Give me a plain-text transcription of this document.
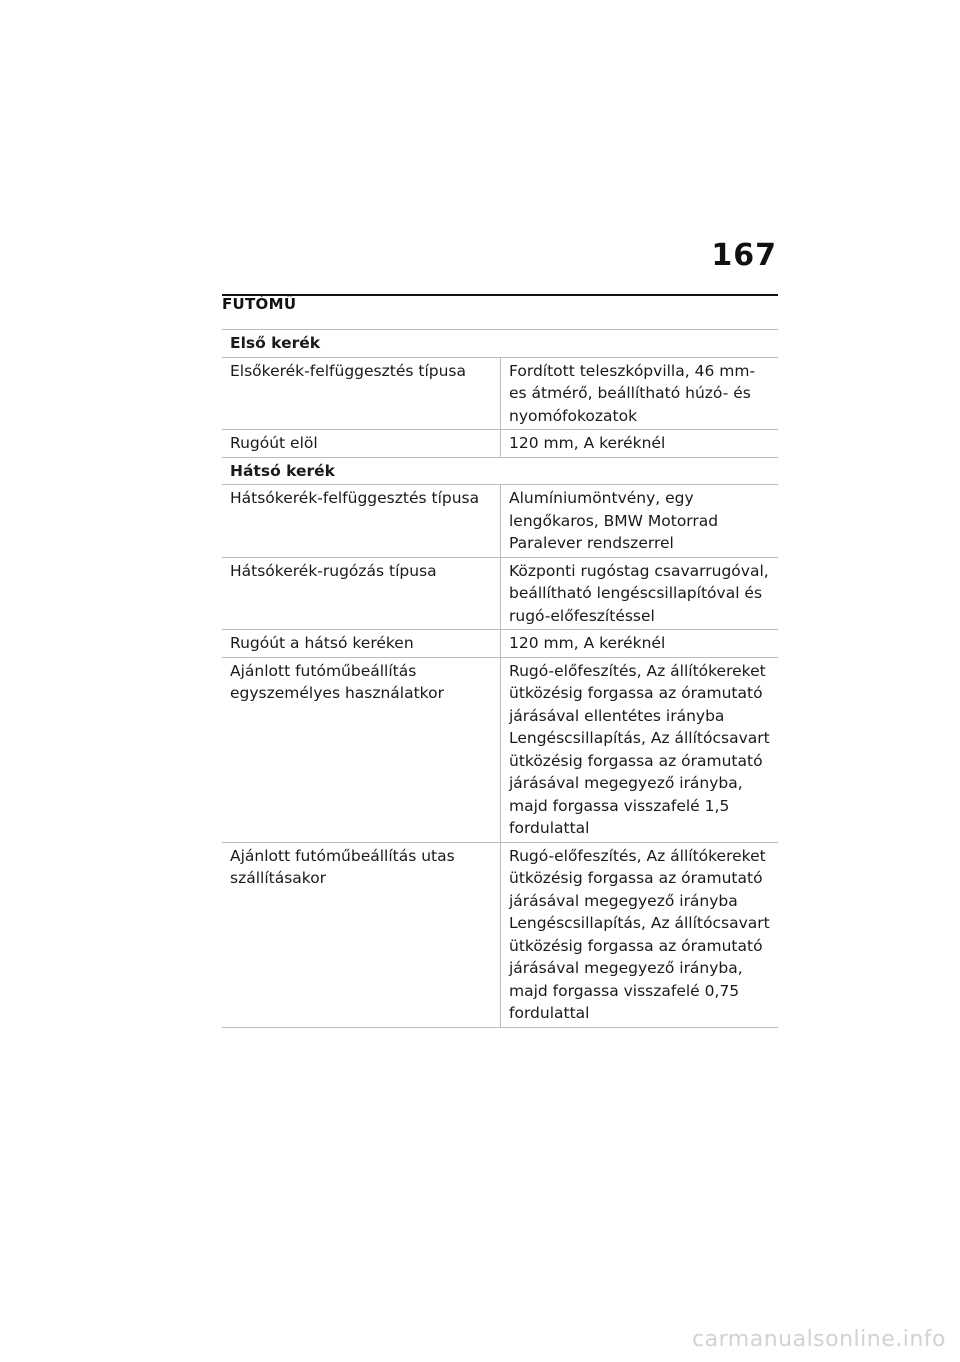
167
FUTÓMŰ
Első kerék	
Elsőkerék-felfüggesztés típusa	Fordított teleszkópvilla, 46 mm-es átmérő, beállítható húzó- és nyomófokozatok

Rugóút elöl	120 mm, A keréknél

Hátsó kerék	
Hátsókerék-felfüggesztés típusa	Alumíniumöntvény, egy lengőkaros, BMW Motorrad Paralever rendszerrel

Hátsókerék-rugózás típusa	Központi rugóstag csavarrugóval, beállítható lengéscsillapítóval és rugó-előfeszítéssel

Rugóút a hátsó keréken	120 mm, A keréknél

Ajánlott futóműbeállítás egyszemélyes használatkor	Rugó-előfeszítés, Az állítókereket ütközésig forgassa az óramutató járásával ellentétes irányba
Lengéscsillapítás, Az állítócsavart ütközésig forgassa az óramutató járásával megegyező irányba, majd forgassa visszafelé 1,5 fordulattal

Ajánlott futóműbeállítás utas szállításakor	Rugó-előfeszítés, Az állítókereket ütközésig forgassa az óramutató járásával megegyező irányba
Lengéscsillapítás, Az állítócsavart ütközésig forgassa az óramutató járásával megegyező irányba, majd forgassa visszafelé 0,75 fordulattal
carmanualsonline.info
